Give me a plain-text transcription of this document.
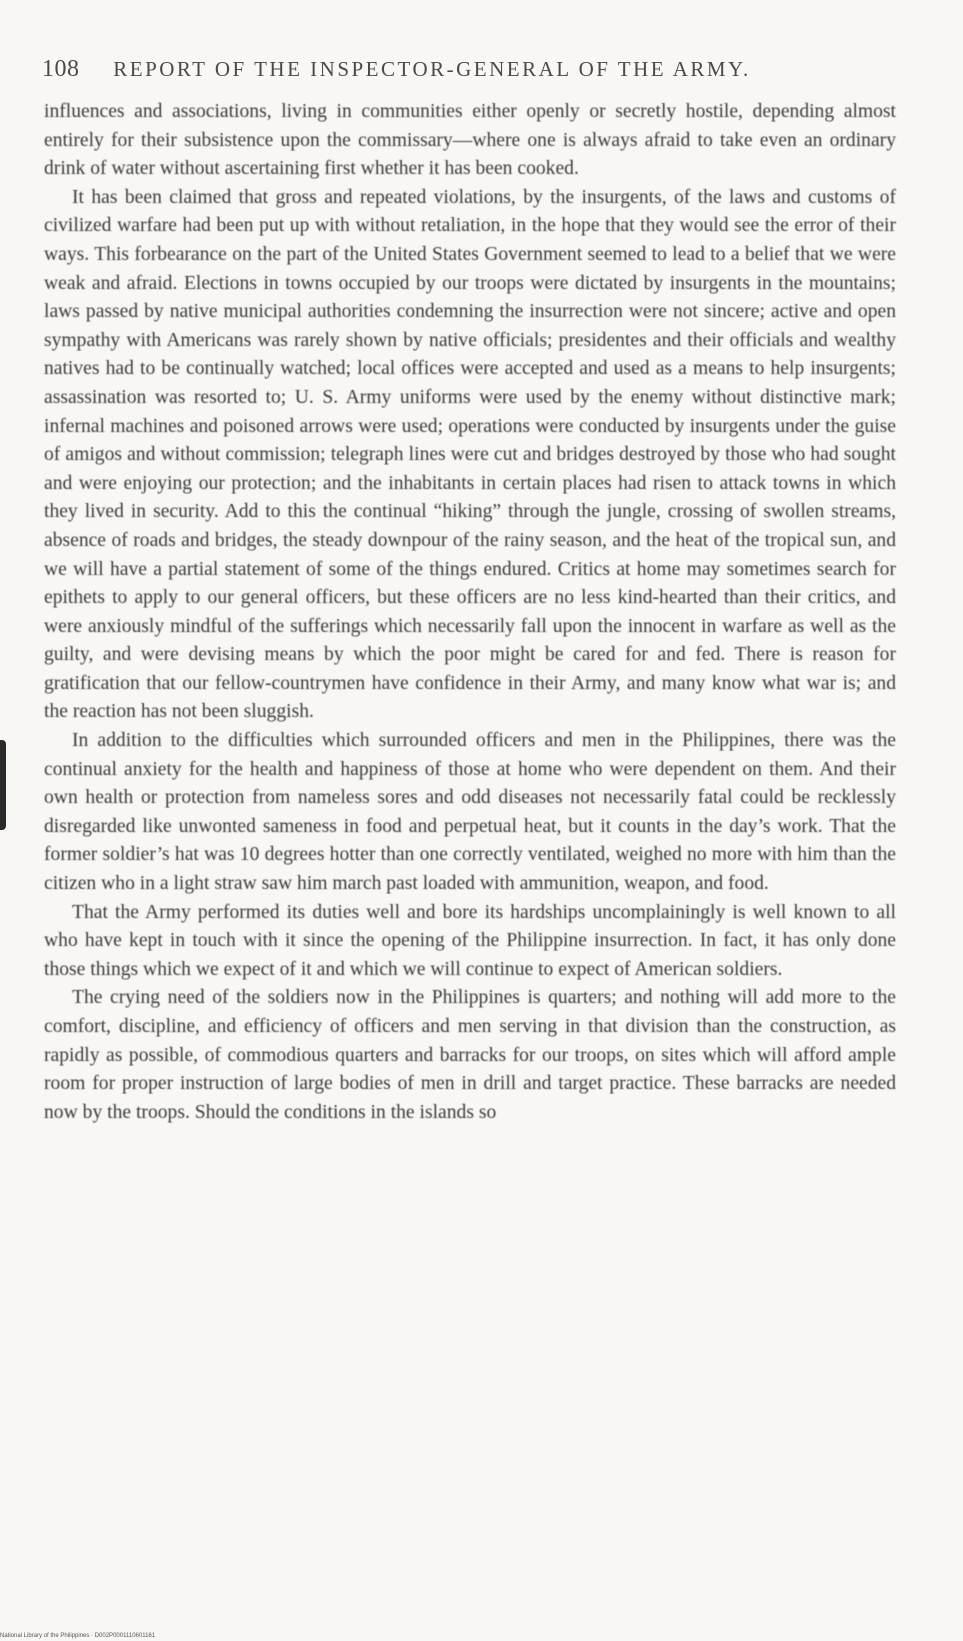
108 REPORT OF THE INSPECTOR-GENERAL OF THE ARMY.

influences and associations, living in communities either openly or secretly hostile, depending almost entirely for their subsistence upon the commissary—where one is always afraid to take even an ordinary drink of water without ascertaining first whether it has been cooked.

It has been claimed that gross and repeated violations, by the insurgents, of the laws and customs of civilized warfare had been put up with without retaliation, in the hope that they would see the error of their ways. This forbearance on the part of the United States Government seemed to lead to a belief that we were weak and afraid. Elections in towns occupied by our troops were dictated by insurgents in the mountains; laws passed by native municipal authorities condemning the insurrection were not sincere; active and open sympathy with Americans was rarely shown by native officials; presidentes and their officials and wealthy natives had to be continually watched; local offices were accepted and used as a means to help insurgents; assassination was resorted to; U. S. Army uniforms were used by the enemy without distinctive mark; infernal machines and poisoned arrows were used; operations were conducted by insurgents under the guise of amigos and without commission; telegraph lines were cut and bridges destroyed by those who had sought and were enjoying our protection; and the inhabitants in certain places had risen to attack towns in which they lived in security. Add to this the continual “hiking” through the jungle, crossing of swollen streams, absence of roads and bridges, the steady downpour of the rainy season, and the heat of the tropical sun, and we will have a partial statement of some of the things endured. Critics at home may sometimes search for epithets to apply to our general officers, but these officers are no less kind-hearted than their critics, and were anxiously mindful of the sufferings which necessarily fall upon the innocent in warfare as well as the guilty, and were devising means by which the poor might be cared for and fed. There is reason for gratification that our fellow-countrymen have confidence in their Army, and many know what war is; and the reaction has not been sluggish.

In addition to the difficulties which surrounded officers and men in the Philippines, there was the continual anxiety for the health and happiness of those at home who were dependent on them. And their own health or protection from nameless sores and odd diseases not necessarily fatal could be recklessly disregarded like unwonted sameness in food and perpetual heat, but it counts in the day’s work. That the former soldier’s hat was 10 degrees hotter than one correctly ventilated, weighed no more with him than the citizen who in a light straw saw him march past loaded with ammunition, weapon, and food.

That the Army performed its duties well and bore its hardships uncomplainingly is well known to all who have kept in touch with it since the opening of the Philippine insurrection. In fact, it has only done those things which we expect of it and which we will continue to expect of American soldiers.

The crying need of the soldiers now in the Philippines is quarters; and nothing will add more to the comfort, discipline, and efficiency of officers and men serving in that division than the construction, as rapidly as possible, of commodious quarters and barracks for our troops, on sites which will afford ample room for proper instruction of large bodies of men in drill and target practice. These barracks are needed now by the troops. Should the conditions in the islands so

National Library of the Philippines · D002P0001110601161
